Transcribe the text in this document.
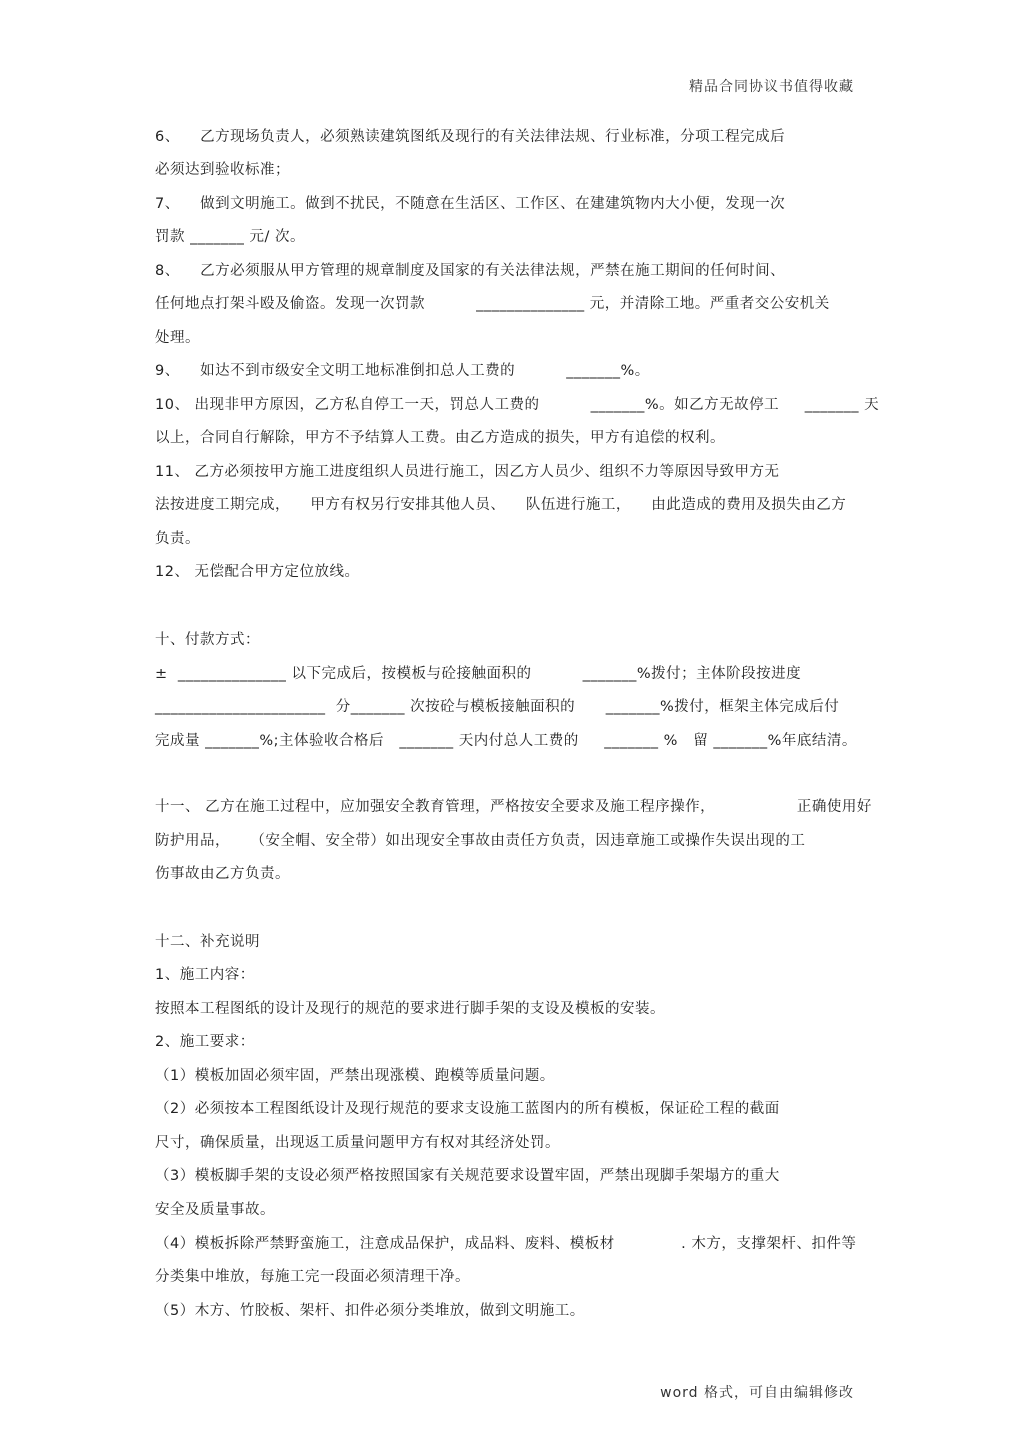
精品合同协议书值得收藏
6、    乙方现场负责人，必须熟读建筑图纸及现行的有关法律法规、行业标准，分项工程完成后
必须达到验收标准；
7、    做到文明施工。做到不扰民，不随意在生活区、工作区、在建建筑物内大小便，发现一次
罚款 _______ 元/ 次。
8、    乙方必须服从甲方管理的规章制度及国家的有关法律法规，严禁在施工期间的任何时间、
任何地点打架斗殴及偷盗。发现一次罚款          ______________ 元，并清除工地。严重者交公安机关
处理。
9、    如达不到市级安全文明工地标准倒扣总人工费的          _______%。
10、 出现非甲方原因，乙方私自停工一天，罚总人工费的          _______%。如乙方无故停工     _______ 天
以上，合同自行解除，甲方不予结算人工费。由乙方造成的损失，甲方有追偿的权利。
11、 乙方必须按甲方施工进度组织人员进行施工，因乙方人员少、组织不力等原因导致甲方无
法按进度工期完成，    甲方有权另行安排其他人员、    队伍进行施工，    由此造成的费用及损失由乙方
负责。
12、 无偿配合甲方定位放线。
十、付款方式：
±  ______________ 以下完成后，按模板与砼接触面积的          _______%拨付；主体阶段按进度
______________________  分_______ 次按砼与模板接触面积的      _______%拨付，框架主体完成后付
完成量 _______%;主体验收合格后   _______ 天内付总人工费的     _______ %   留 _______%年底结清。
十一、 乙方在施工过程中，应加强安全教育管理，严格按安全要求及施工程序操作，                正确使用好
防护用品，    （安全帽、安全带）如出现安全事故由责任方负责，因违章施工或操作失误出现的工
伤事故由乙方负责。
十二、补充说明
1、施工内容：
按照本工程图纸的设计及现行的规范的要求进行脚手架的支设及模板的安装。
2、施工要求：
（1）模板加固必须牢固，严禁出现涨模、跑模等质量问题。
（2）必须按本工程图纸设计及现行规范的要求支设施工蓝图内的所有模板，保证砼工程的截面
尺寸，确保质量，出现返工质量问题甲方有权对其经济处罚。
（3）模板脚手架的支设必须严格按照国家有关规范要求设置牢固，严禁出现脚手架塌方的重大
安全及质量事故。
（4）模板拆除严禁野蛮施工，注意成品保护，成品料、废料、模板材             . 木方，支撑架杆、扣件等
分类集中堆放，每施工完一段面必须清理干净。
（5）木方、竹胶板、架杆、扣件必须分类堆放，做到文明施工。
word 格式，可自由编辑修改
